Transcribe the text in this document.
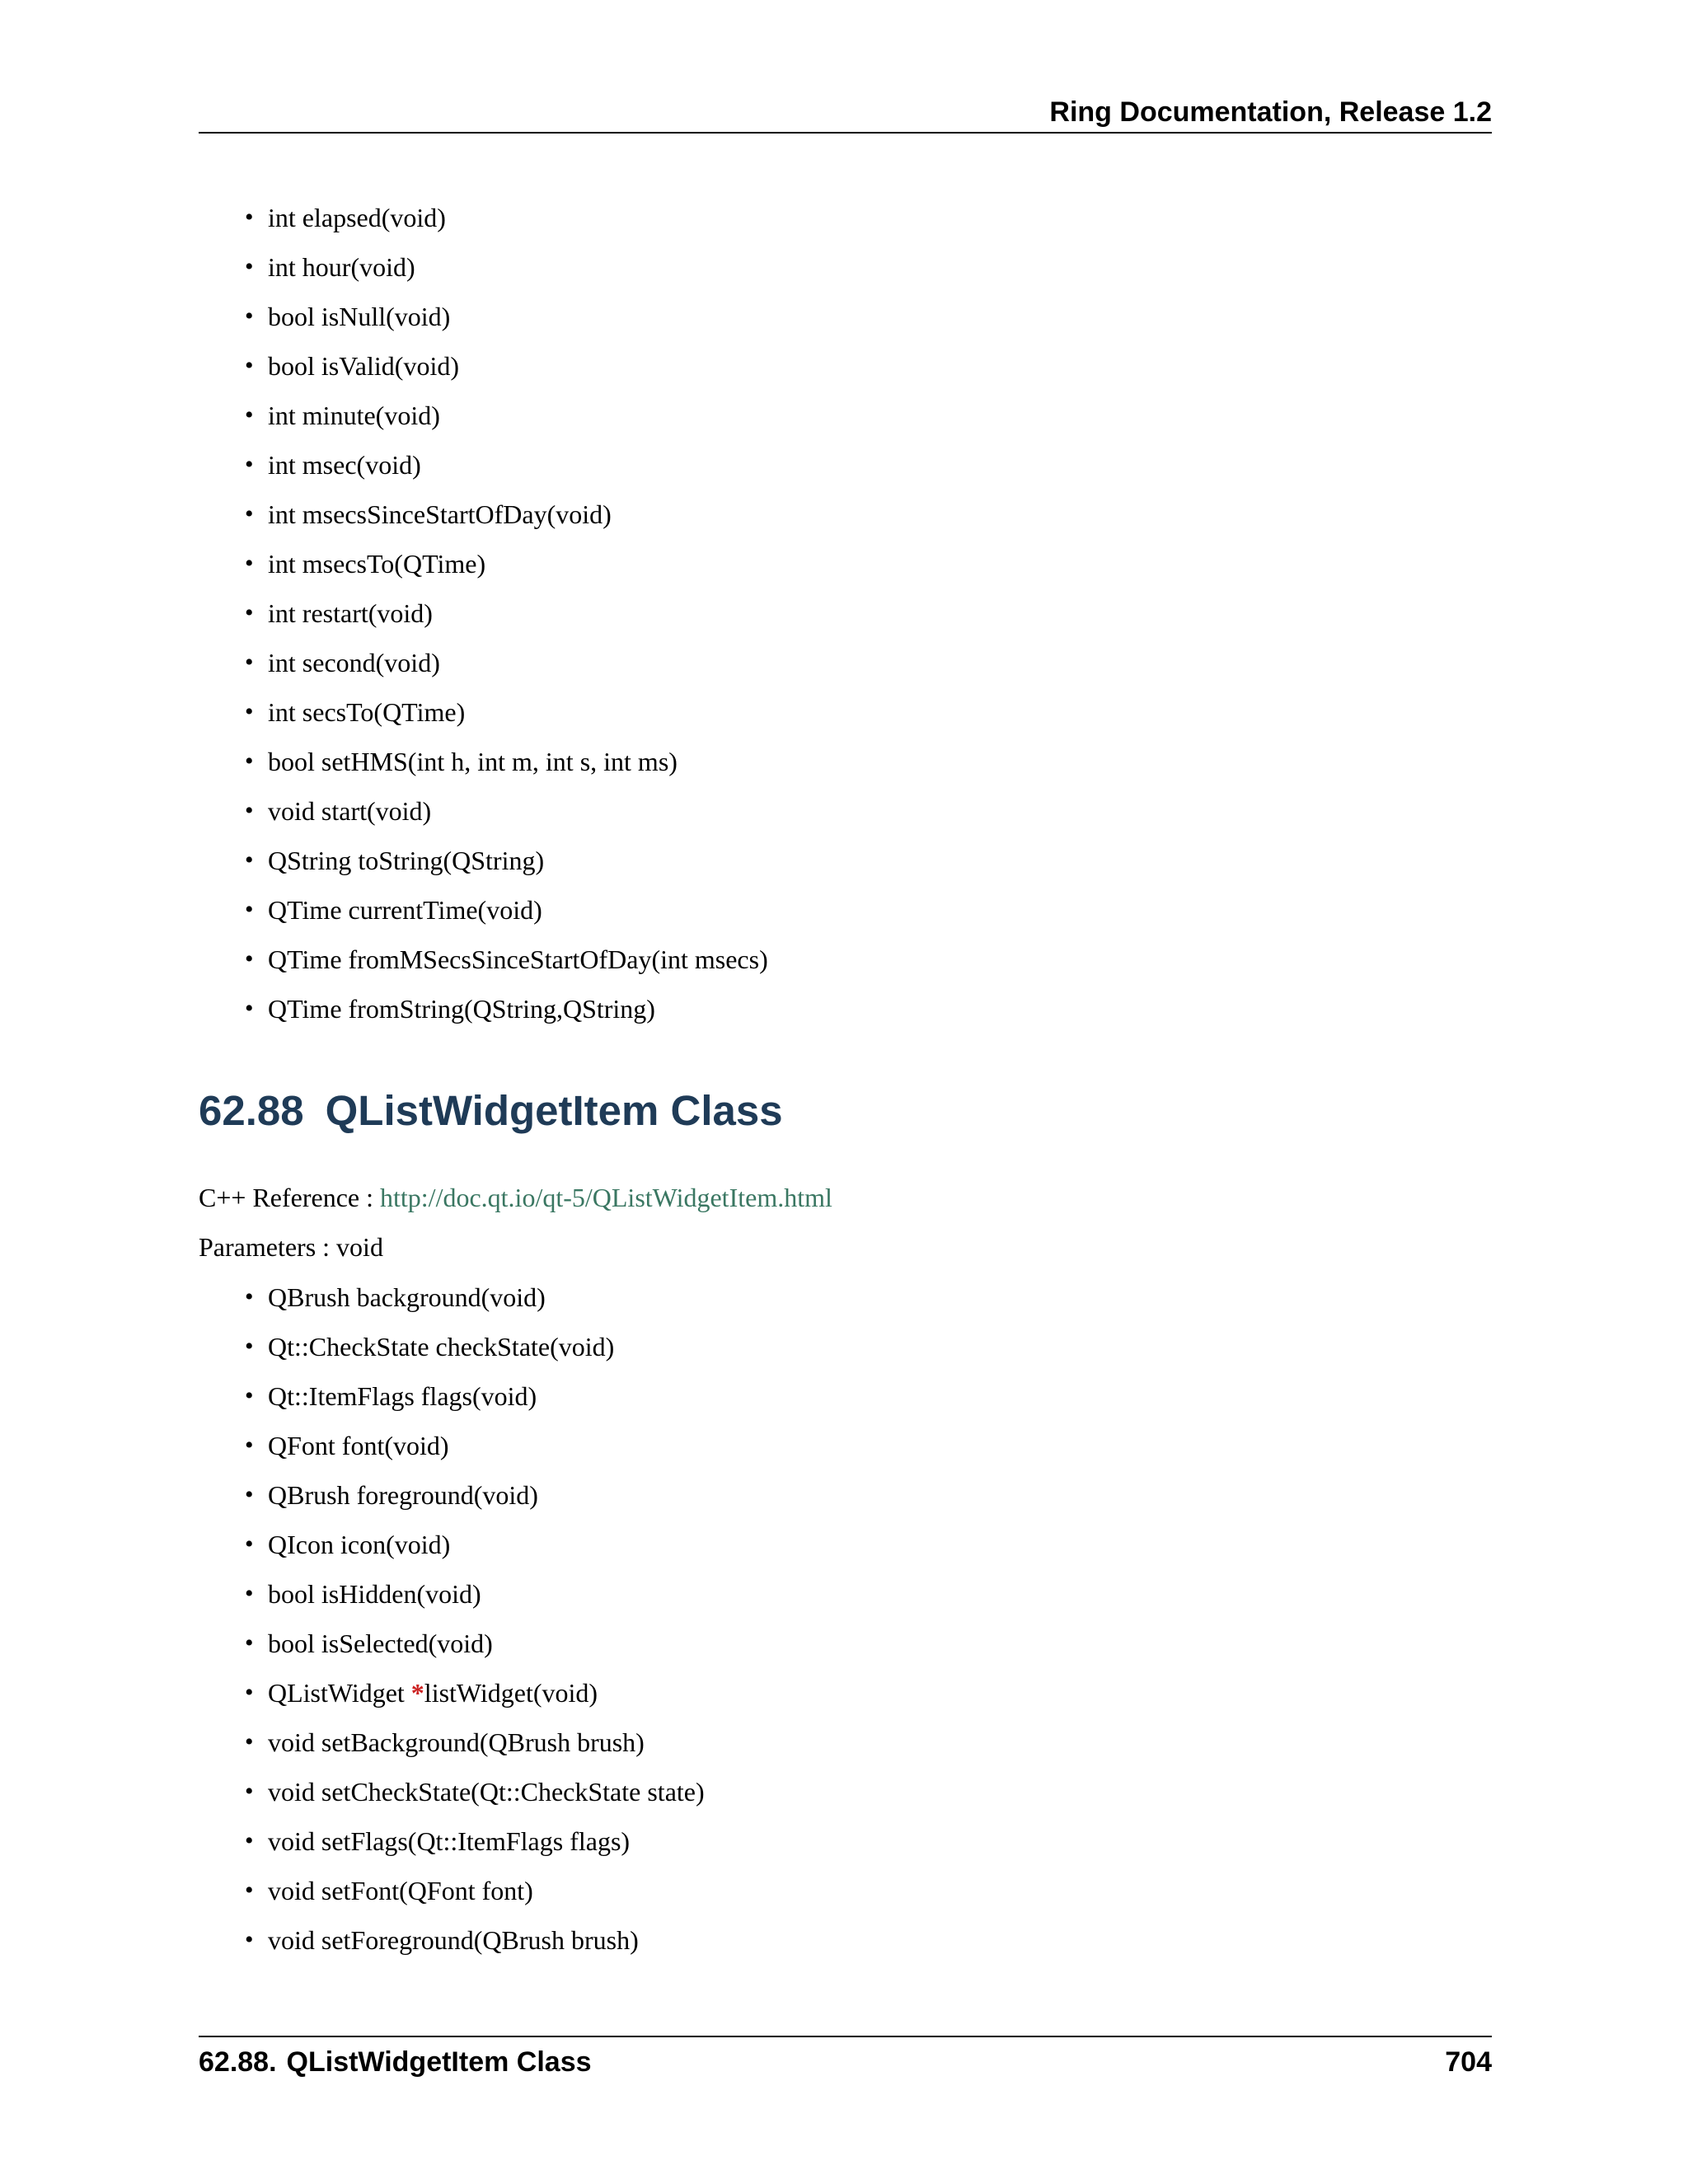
Ring Documentation, Release 1.2
• int elapsed(void)
• int hour(void)
• bool isNull(void)
• bool isValid(void)
• int minute(void)
• int msec(void)
• int msecsSinceStartOfDay(void)
• int msecsTo(QTime)
• int restart(void)
• int second(void)
• int secsTo(QTime)
• bool setHMS(int h, int m, int s, int ms)
• void start(void)
• QString toString(QString)
• QTime currentTime(void)
• QTime fromMSecsSinceStartOfDay(int msecs)
• QTime fromString(QString,QString)
62.88 QListWidgetItem Class
C++ Reference : http://doc.qt.io/qt-5/QListWidgetItem.html
Parameters : void
• QBrush background(void)
• Qt::CheckState checkState(void)
• Qt::ItemFlags flags(void)
• QFont font(void)
• QBrush foreground(void)
• QIcon icon(void)
• bool isHidden(void)
• bool isSelected(void)
• QListWidget *listWidget(void)
• void setBackground(QBrush brush)
• void setCheckState(Qt::CheckState state)
• void setFlags(Qt::ItemFlags flags)
• void setFont(QFont font)
• void setForeground(QBrush brush)
62.88. QListWidgetItem Class	704
